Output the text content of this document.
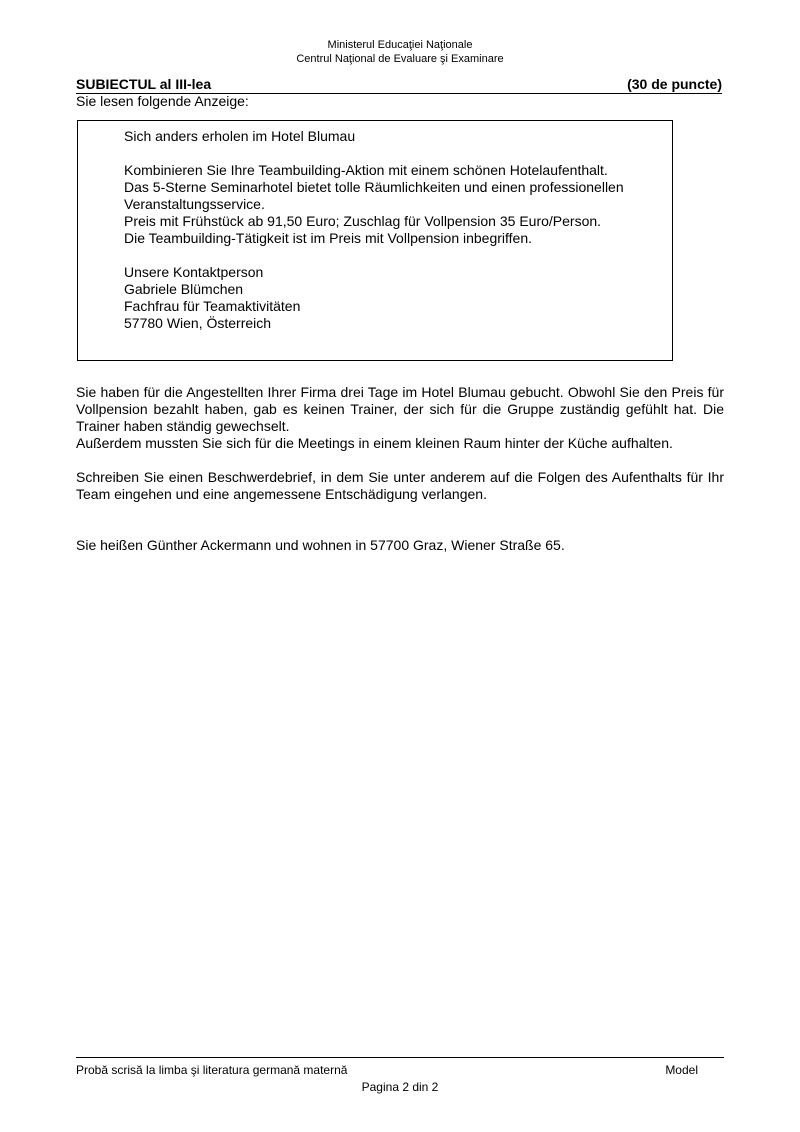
Ministerul Educaţiei Naţionale
Centrul Naţional de Evaluare şi Examinare
SUBIECTUL al III-lea	(30 de puncte)
Sie lesen folgende Anzeige:

Sich anders erholen im Hotel Blumau

Kombinieren Sie Ihre Teambuilding-Aktion mit einem schönen Hotelaufenthalt.

Das 5-Sterne Seminarhotel bietet tolle Räumlichkeiten und einen professionellen

Veranstaltungsservice.

Preis mit Frühstück ab 91,50 Euro; Zuschlag für Vollpension 35 Euro/Person.

Die Teambuilding-Tätigkeit ist im Preis mit Vollpension inbegriffen.

Unsere Kontaktperson

Gabriele Blümchen

Fachfrau für Teamaktivitäten

57780 Wien, Österreich

Sie haben für die Angestellten Ihrer Firma drei Tage im Hotel Blumau gebucht. Obwohl Sie den Preis für Vollpension bezahlt haben, gab es keinen Trainer, der sich für die Gruppe zuständig gefühlt hat. Die Trainer haben ständig gewechselt.

Außerdem mussten Sie sich für die Meetings in einem kleinen Raum hinter der Küche aufhalten.

Schreiben Sie einen Beschwerdebrief, in dem Sie unter anderem auf die Folgen des Aufenthalts für Ihr Team eingehen und eine angemessene Entschädigung verlangen.

Sie heißen Günther Ackermann und wohnen in 57700 Graz, Wiener Straße 65.

Probă scrisă la limba şi literatura germană maternă	Model
Pagina 2 din 2
